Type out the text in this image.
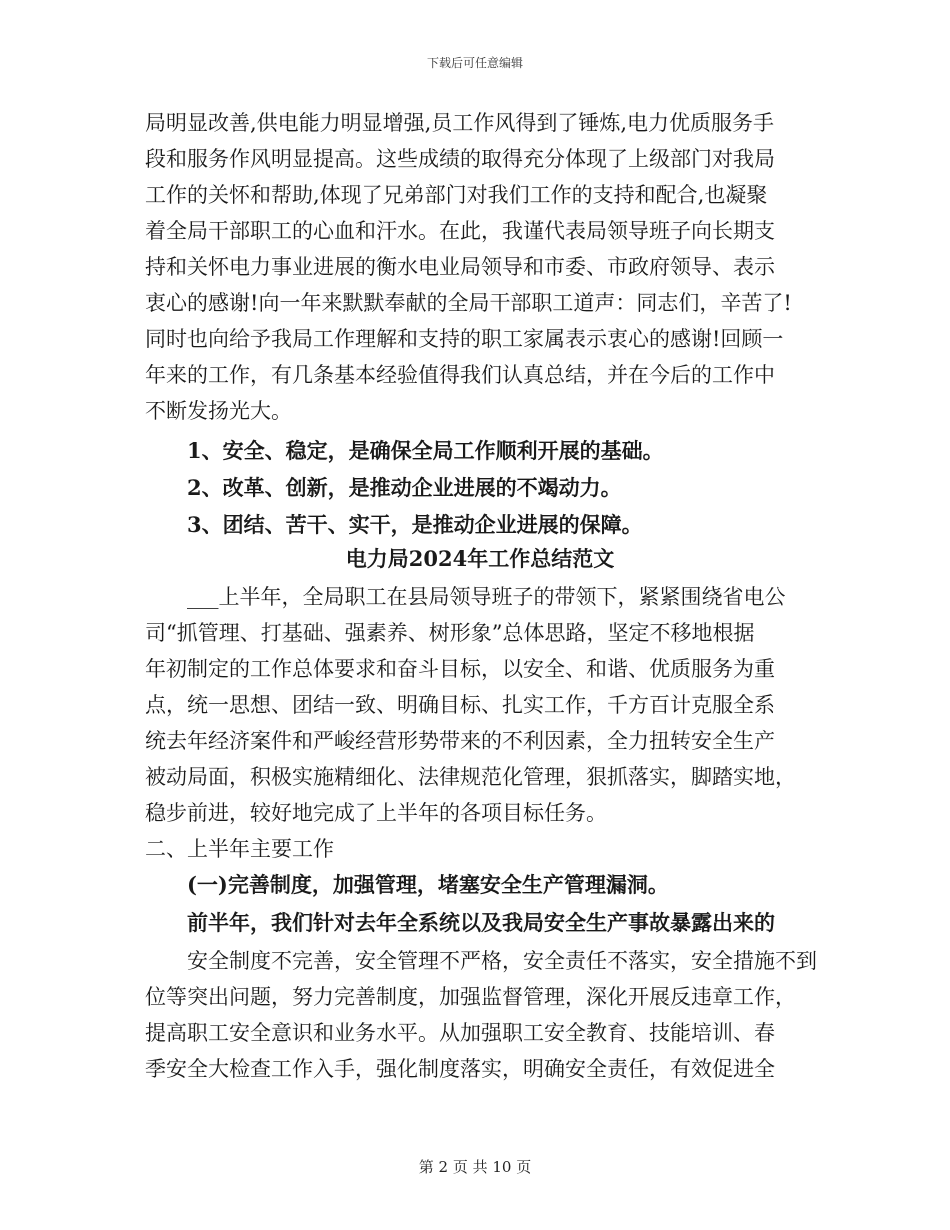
下载后可任意编辑
局明显改善,供电能力明显增强,员工作风得到了锤炼,电力优质服务手
段和服务作风明显提高。这些成绩的取得充分体现了上级部门对我局
工作的关怀和帮助,体现了兄弟部门对我们工作的支持和配合,也凝聚
着全局干部职工的心血和汗水。在此，我谨代表局领导班子向长期支
持和关怀电力事业进展的衡水电业局领导和市委、市政府领导、表示
衷心的感谢!向一年来默默奉献的全局干部职工道声：同志们，辛苦了!
同时也向给予我局工作理解和支持的职工家属表示衷心的感谢!回顾一
年来的工作，有几条基本经验值得我们认真总结，并在今后的工作中
不断发扬光大。
1、安全、稳定，是确保全局工作顺利开展的基础。
2、改革、创新，是推动企业进展的不竭动力。
3、团结、苦干、实干，是推动企业进展的保障。
电力局2024年工作总结范文
___上半年，全局职工在县局领导班子的带领下，紧紧围绕省电公
司“抓管理、打基础、强素养、树形象”总体思路，坚定不移地根据
年初制定的工作总体要求和奋斗目标，以安全、和谐、优质服务为重
点，统一思想、团结一致、明确目标、扎实工作，千方百计克服全系
统去年经济案件和严峻经营形势带来的不利因素，全力扭转安全生产
被动局面，积极实施精细化、法律规范化管理，狠抓落实，脚踏实地，
稳步前进，较好地完成了上半年的各项目标任务。
二、上半年主要工作
(一)完善制度，加强管理，堵塞安全生产管理漏洞。
前半年，我们针对去年全系统以及我局安全生产事故暴露出来的
安全制度不完善，安全管理不严格，安全责任不落实，安全措施不到
位等突出问题，努力完善制度，加强监督管理，深化开展反违章工作，
提高职工安全意识和业务水平。从加强职工安全教育、技能培训、春
季安全大检查工作入手，强化制度落实，明确安全责任，有效促进全
第 2 页 共 10 页
